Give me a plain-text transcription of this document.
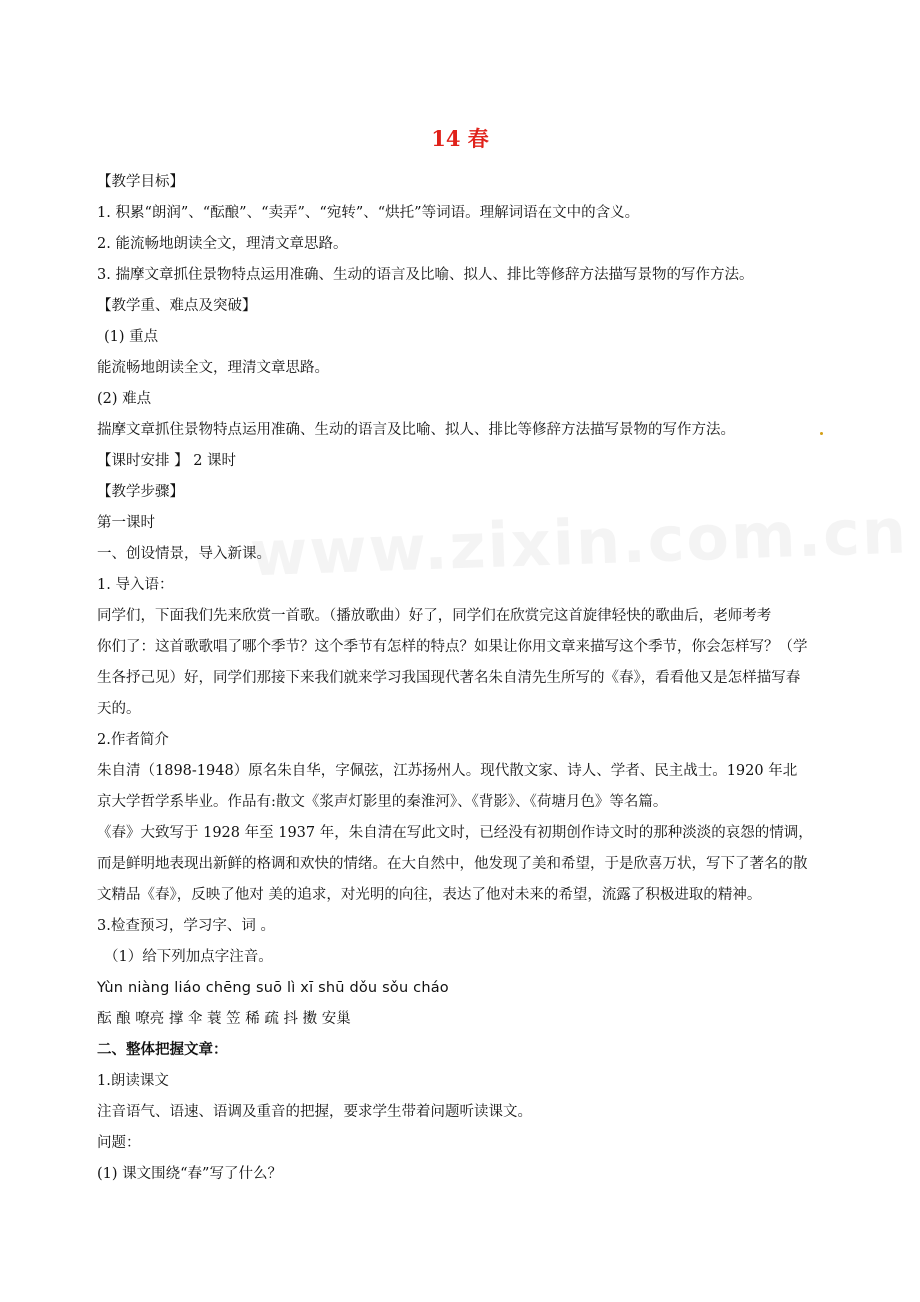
www.zixin.com.cn
14 春
【教学目标】
1. 积累“朗润”、“酝酿”、“卖弄”、“宛转”、“烘托”等词语。理解词语在文中的含义。
2. 能流畅地朗读全文，理清文章思路。
3. 揣摩文章抓住景物特点运用准确、生动的语言及比喻、拟人、排比等修辞方法描写景物的写作方法。
【教学重、难点及突破】
(1) 重点
能流畅地朗读全文，理清文章思路。
(2) 难点
揣摩文章抓住景物特点运用准确、生动的语言及比喻、拟人、排比等修辞方法描写景物的写作方法。
【课时安排 】 2 课时
【教学步骤】
第一课时
一、创设情景，导入新课。
1. 导入语：
同学们，下面我们先来欣赏一首歌。（播放歌曲）好了，同学们在欣赏完这首旋律轻快的歌曲后，老师考考
你们了：这首歌歌唱了哪个季节？这个季节有怎样的特点？如果让你用文章来描写这个季节，你会怎样写？（学
生各抒己见）好，同学们那接下来我们就来学习我国现代著名朱自清先生所写的《春》，看看他又是怎样描写春
天的。
2.作者简介
朱自清（1898-1948）原名朱自华，字佩弦，江苏扬州人。现代散文家、诗人、学者、民主战士。1920 年北
京大学哲学系毕业。作品有:散文《浆声灯影里的秦淮河》、《背影》、《荷塘月色》等名篇。
《春》大致写于 1928 年至 1937 年，朱自清在写此文时，已经没有初期创作诗文时的那种淡淡的哀怨的情调，
而是鲜明地表现出新鲜的格调和欢快的情绪。在大自然中，他发现了美和希望，于是欣喜万状，写下了著名的散
文精品《春》，反映了他对 美的追求，对光明的向往，表达了他对未来的希望，流露了积极进取的精神。
3.检查预习，学习字、词 。
（1）给下列加点字注音。
Yùn niàng liáo chēng suō lì xī shū dǒu sǒu cháo
酝 酿 嘹亮 撑 伞 蓑 笠 稀 疏 抖 擞 安巢
二、整体把握文章：
1.朗读课文
注音语气、语速、语调及重音的把握，要求学生带着问题听读课文。
问题：
(1) 课文围绕“春”写了什么？
